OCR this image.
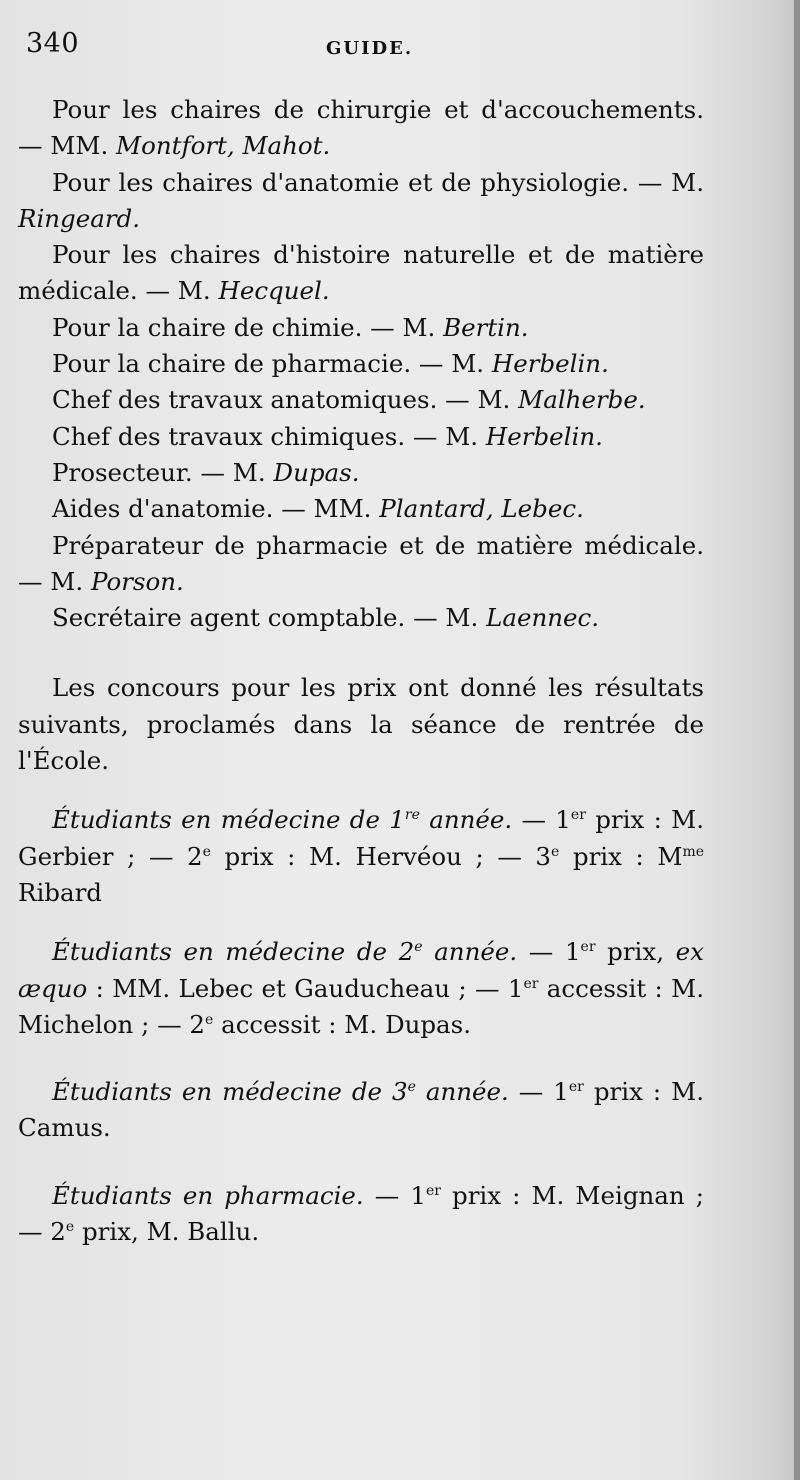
340	GUIDE.

Pour les chaires de chirurgie et d'accouchements. — MM. Montfort, Mahot.

Pour les chaires d'anatomie et de physiologie. — M. Ringeard.

Pour les chaires d'histoire naturelle et de matière médicale. — M. Hecquel.

Pour la chaire de chimie. — M. Bertin.

Pour la chaire de pharmacie. — M. Herbelin.

Chef des travaux anatomiques. — M. Malherbe.

Chef des travaux chimiques. — M. Herbelin.

Prosecteur. — M. Dupas.

Aides d'anatomie. — MM. Plantard, Lebec.

Préparateur de pharmacie et de matière médicale. — M. Porson.

Secrétaire agent comptable. — M. Laennec.

Les concours pour les prix ont donné les résultats suivants, proclamés dans la séance de rentrée de l'École.

Étudiants en médecine de 1re année. — 1er prix : M. Gerbier ; — 2e prix : M. Hervéou ; — 3e prix : $M^{me}$ Ribard

Étudiants en médecine de 2e année. — 1er prix, ex æquo : MM. Lebec et Gauducheau ; — 1er accessit : M. Michelon ; — 2e accessit : M. Dupas.

Étudiants en médecine de 3e année. — 1er prix : M. Camus.

Étudiants en pharmacie. — 1er prix : M. Meignan ; — 2e prix, M. Ballu.
